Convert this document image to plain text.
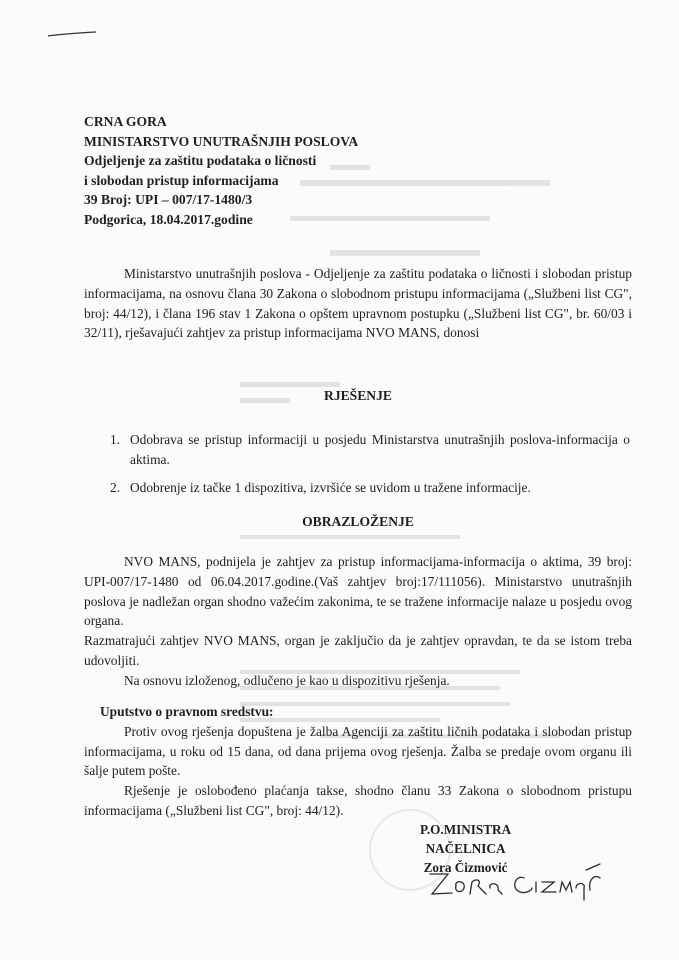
CRNA GORA
MINISTARSTVO UNUTRAŠNJIH POSLOVA
Odjeljenje za zaštitu podataka o ličnosti
i slobodan pristup informacijama
39 Broj: UPI – 007/17-1480/3
Podgorica, 18.04.2017.godine

Ministarstvo unutrašnjih poslova - Odjeljenje za zaštitu podataka o ličnosti i slobodan pristup informacijama, na osnovu člana 30 Zakona o slobodnom pristupu informacijama („Službeni list CG", broj: 44/12), i člana 196 stav 1 Zakona o opštem upravnom postupku („Službeni list CG", br. 60/03 i 32/11), rješavajući zahtjev za pristup informacijama NVO MANS, donosi

RJEŠENJE
1. Odobrava se pristup informaciji u posjedu Ministarstva unutrašnjih poslova-informacija o aktima.
2. Odobrenje iz tačke 1 dispozitiva, izvršiće se uvidom u tražene informacije.
OBRAZLOŽENJE

NVO MANS, podnijela je zahtjev za pristup informacijama-informacija o aktima, 39 broj: UPI-007/17-1480 od 06.04.2017.godine.(Vaš zahtjev broj:17/111056). Ministarstvo unutrašnjih poslova je nadležan organ shodno važećim zakonima, te se tražene informacije nalaze u posjedu ovog organa.

Razmatrajući zahtjev NVO MANS, organ je zaključio da je zahtjev opravdan, te da se istom treba udovoljiti.

Na osnovu izloženog, odlučeno je kao u dispozitivu rješenja.

Uputstvo o pravnom sredstvu:

Protiv ovog rješenja dopuštena je žalba Agenciji za zaštitu ličnih podataka i slobodan pristup informacijama, u roku od 15 dana, od dana prijema ovog rješenja. Žalba se predaje ovom organu ili šalje putem pošte.

Rješenje je oslobođeno plaćanja takse, shodno članu 33 Zakona o slobodnom pristupu informacijama („Službeni list CG", broj: 44/12).

P.O.MINISTRA
NAČELNICA
Zora Čizmović
